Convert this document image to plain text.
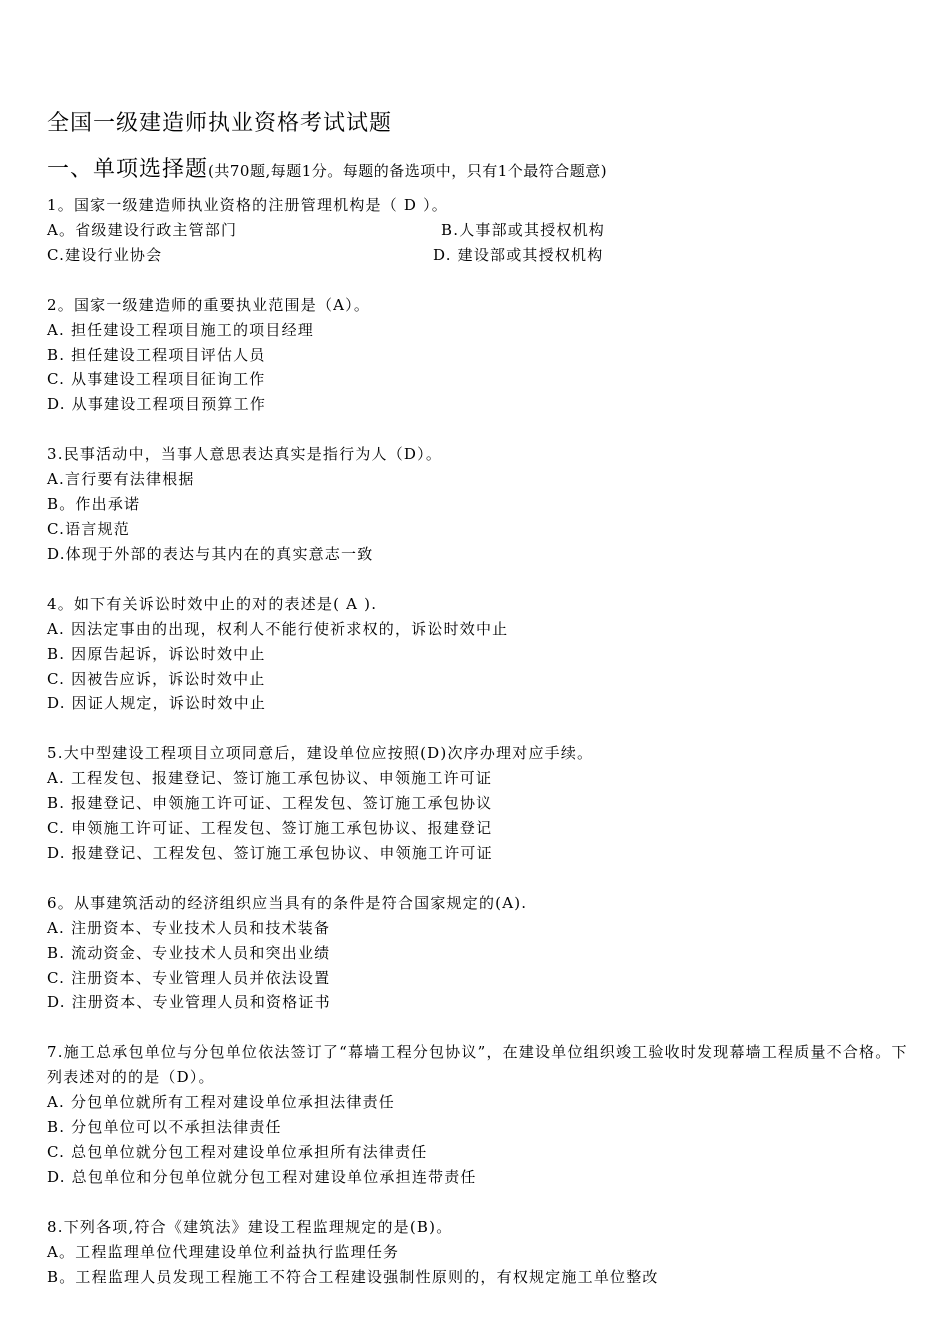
全国一级建造师执业资格考试试题
一、单项选择题(共70题,每题1分。每题的备选项中，只有1个最符合题意)
1。国家一级建造师执业资格的注册管理机构是（ D ）。
A。省级建设行政主管部门	B.人事部或其授权机构
C.建设行业协会	D. 建设部或其授权机构
2。国家一级建造师的重要执业范围是（A）。
A. 担任建设工程项目施工的项目经理
B. 担任建设工程项目评估人员
C. 从事建设工程项目征询工作
D. 从事建设工程项目预算工作
3.民事活动中，当事人意思表达真实是指行为人（D）。
A.言行要有法律根据
B。作出承诺
C.语言规范
D.体现于外部的表达与其内在的真实意志一致
4。如下有关诉讼时效中止的对的表述是( A ).
A. 因法定事由的出现，权利人不能行使祈求权的，诉讼时效中止
B. 因原告起诉，诉讼时效中止
C. 因被告应诉，诉讼时效中止
D. 因证人规定，诉讼时效中止
5.大中型建设工程项目立项同意后，建设单位应按照(D)次序办理对应手续。
A. 工程发包、报建登记、签订施工承包协议、申领施工许可证
B. 报建登记、申领施工许可证、工程发包、签订施工承包协议
C. 申领施工许可证、工程发包、签订施工承包协议、报建登记
D. 报建登记、工程发包、签订施工承包协议、申领施工许可证
6。从事建筑活动的经济组织应当具有的条件是符合国家规定的(A).
A. 注册资本、专业技术人员和技术装备
B. 流动资金、专业技术人员和突出业绩
C. 注册资本、专业管理人员并依法设置
D. 注册资本、专业管理人员和资格证书
7.施工总承包单位与分包单位依法签订了“幕墙工程分包协议”，在建设单位组织竣工验收时发现幕墙工程质量不合格。下列表述对的的是（D）。
A. 分包单位就所有工程对建设单位承担法律责任
B. 分包单位可以不承担法律责任
C. 总包单位就分包工程对建设单位承担所有法律责任
D. 总包单位和分包单位就分包工程对建设单位承担连带责任
8.下列各项,符合《建筑法》建设工程监理规定的是(B)。
A。工程监理单位代理建设单位利益执行监理任务
B。工程监理人员发现工程施工不符合工程建设强制性原则的，有权规定施工单位整改
